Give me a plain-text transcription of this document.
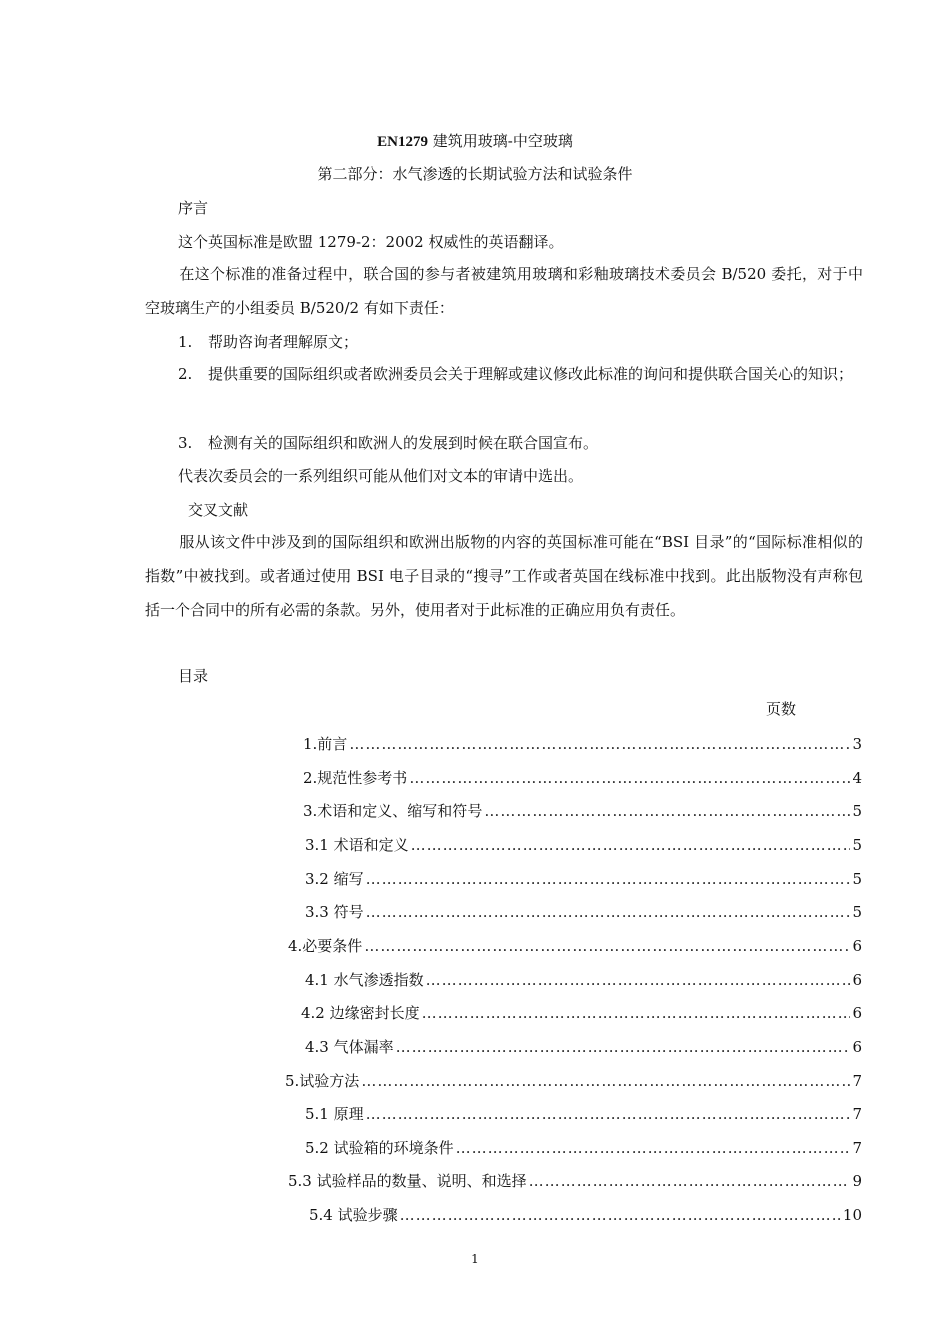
EN1279 建筑用玻璃-中空玻璃
第二部分：水气渗透的长期试验方法和试验条件
序言
这个英国标准是欧盟 1279-2：2002 权威性的英语翻译。
在这个标准的准备过程中，联合国的参与者被建筑用玻璃和彩釉玻璃技术委员会 B/520 委托，对于中空玻璃生产的小组委员 B/520/2 有如下责任：
1. 帮助咨询者理解原文；
2. 提供重要的国际组织或者欧洲委员会关于理解或建议修改此标准的询问和提供联合国关心的知识；
3. 检测有关的国际组织和欧洲人的发展到时候在联合国宣布。
代表次委员会的一系列组织可能从他们对文本的审请中选出。
交叉文献
服从该文件中涉及到的国际组织和欧洲出版物的内容的英国标准可能在“BSI 目录”的“国际标准相似的指数”中被找到。或者通过使用 BSI 电子目录的“搜寻”工作或者英国在线标准中找到。此出版物没有声称包括一个合同中的所有必需的条款。另外，使用者对于此标准的正确应用负有责任。
目录
页数
1.前言 ……………………………………………………………………………………………………………………………………………………………………………………………………	3
2.规范性参考书 ……………………………………………………………………………………………………………………………………………………………………………………………………	4
3.术语和定义、缩写和符号 ……………………………………………………………………………………………………………………………………………………………………………………………………	5
3.1 术语和定义 ……………………………………………………………………………………………………………………………………………………………………………………………………	5
3.2 缩写 ……………………………………………………………………………………………………………………………………………………………………………………………………	5
3.3 符号 ……………………………………………………………………………………………………………………………………………………………………………………………………	5
4.必要条件 ……………………………………………………………………………………………………………………………………………………………………………………………………	6
4.1 水气渗透指数 ……………………………………………………………………………………………………………………………………………………………………………………………………	6
4.2 边缘密封长度 ……………………………………………………………………………………………………………………………………………………………………………………………………	6
4.3 气体漏率 ……………………………………………………………………………………………………………………………………………………………………………………………………	6
5.试验方法 ……………………………………………………………………………………………………………………………………………………………………………………………………	7
5.1 原理 ……………………………………………………………………………………………………………………………………………………………………………………………………	7
5.2 试验箱的环境条件 ……………………………………………………………………………………………………………………………………………………………………………………………………	7
5.3 试验样品的数量、说明、和选择 ……………………………………………………………………………………………………………………………………………………………………………………………………	9
5.4 试验步骤 ……………………………………………………………………………………………………………………………………………………………………………………………………	10
1
